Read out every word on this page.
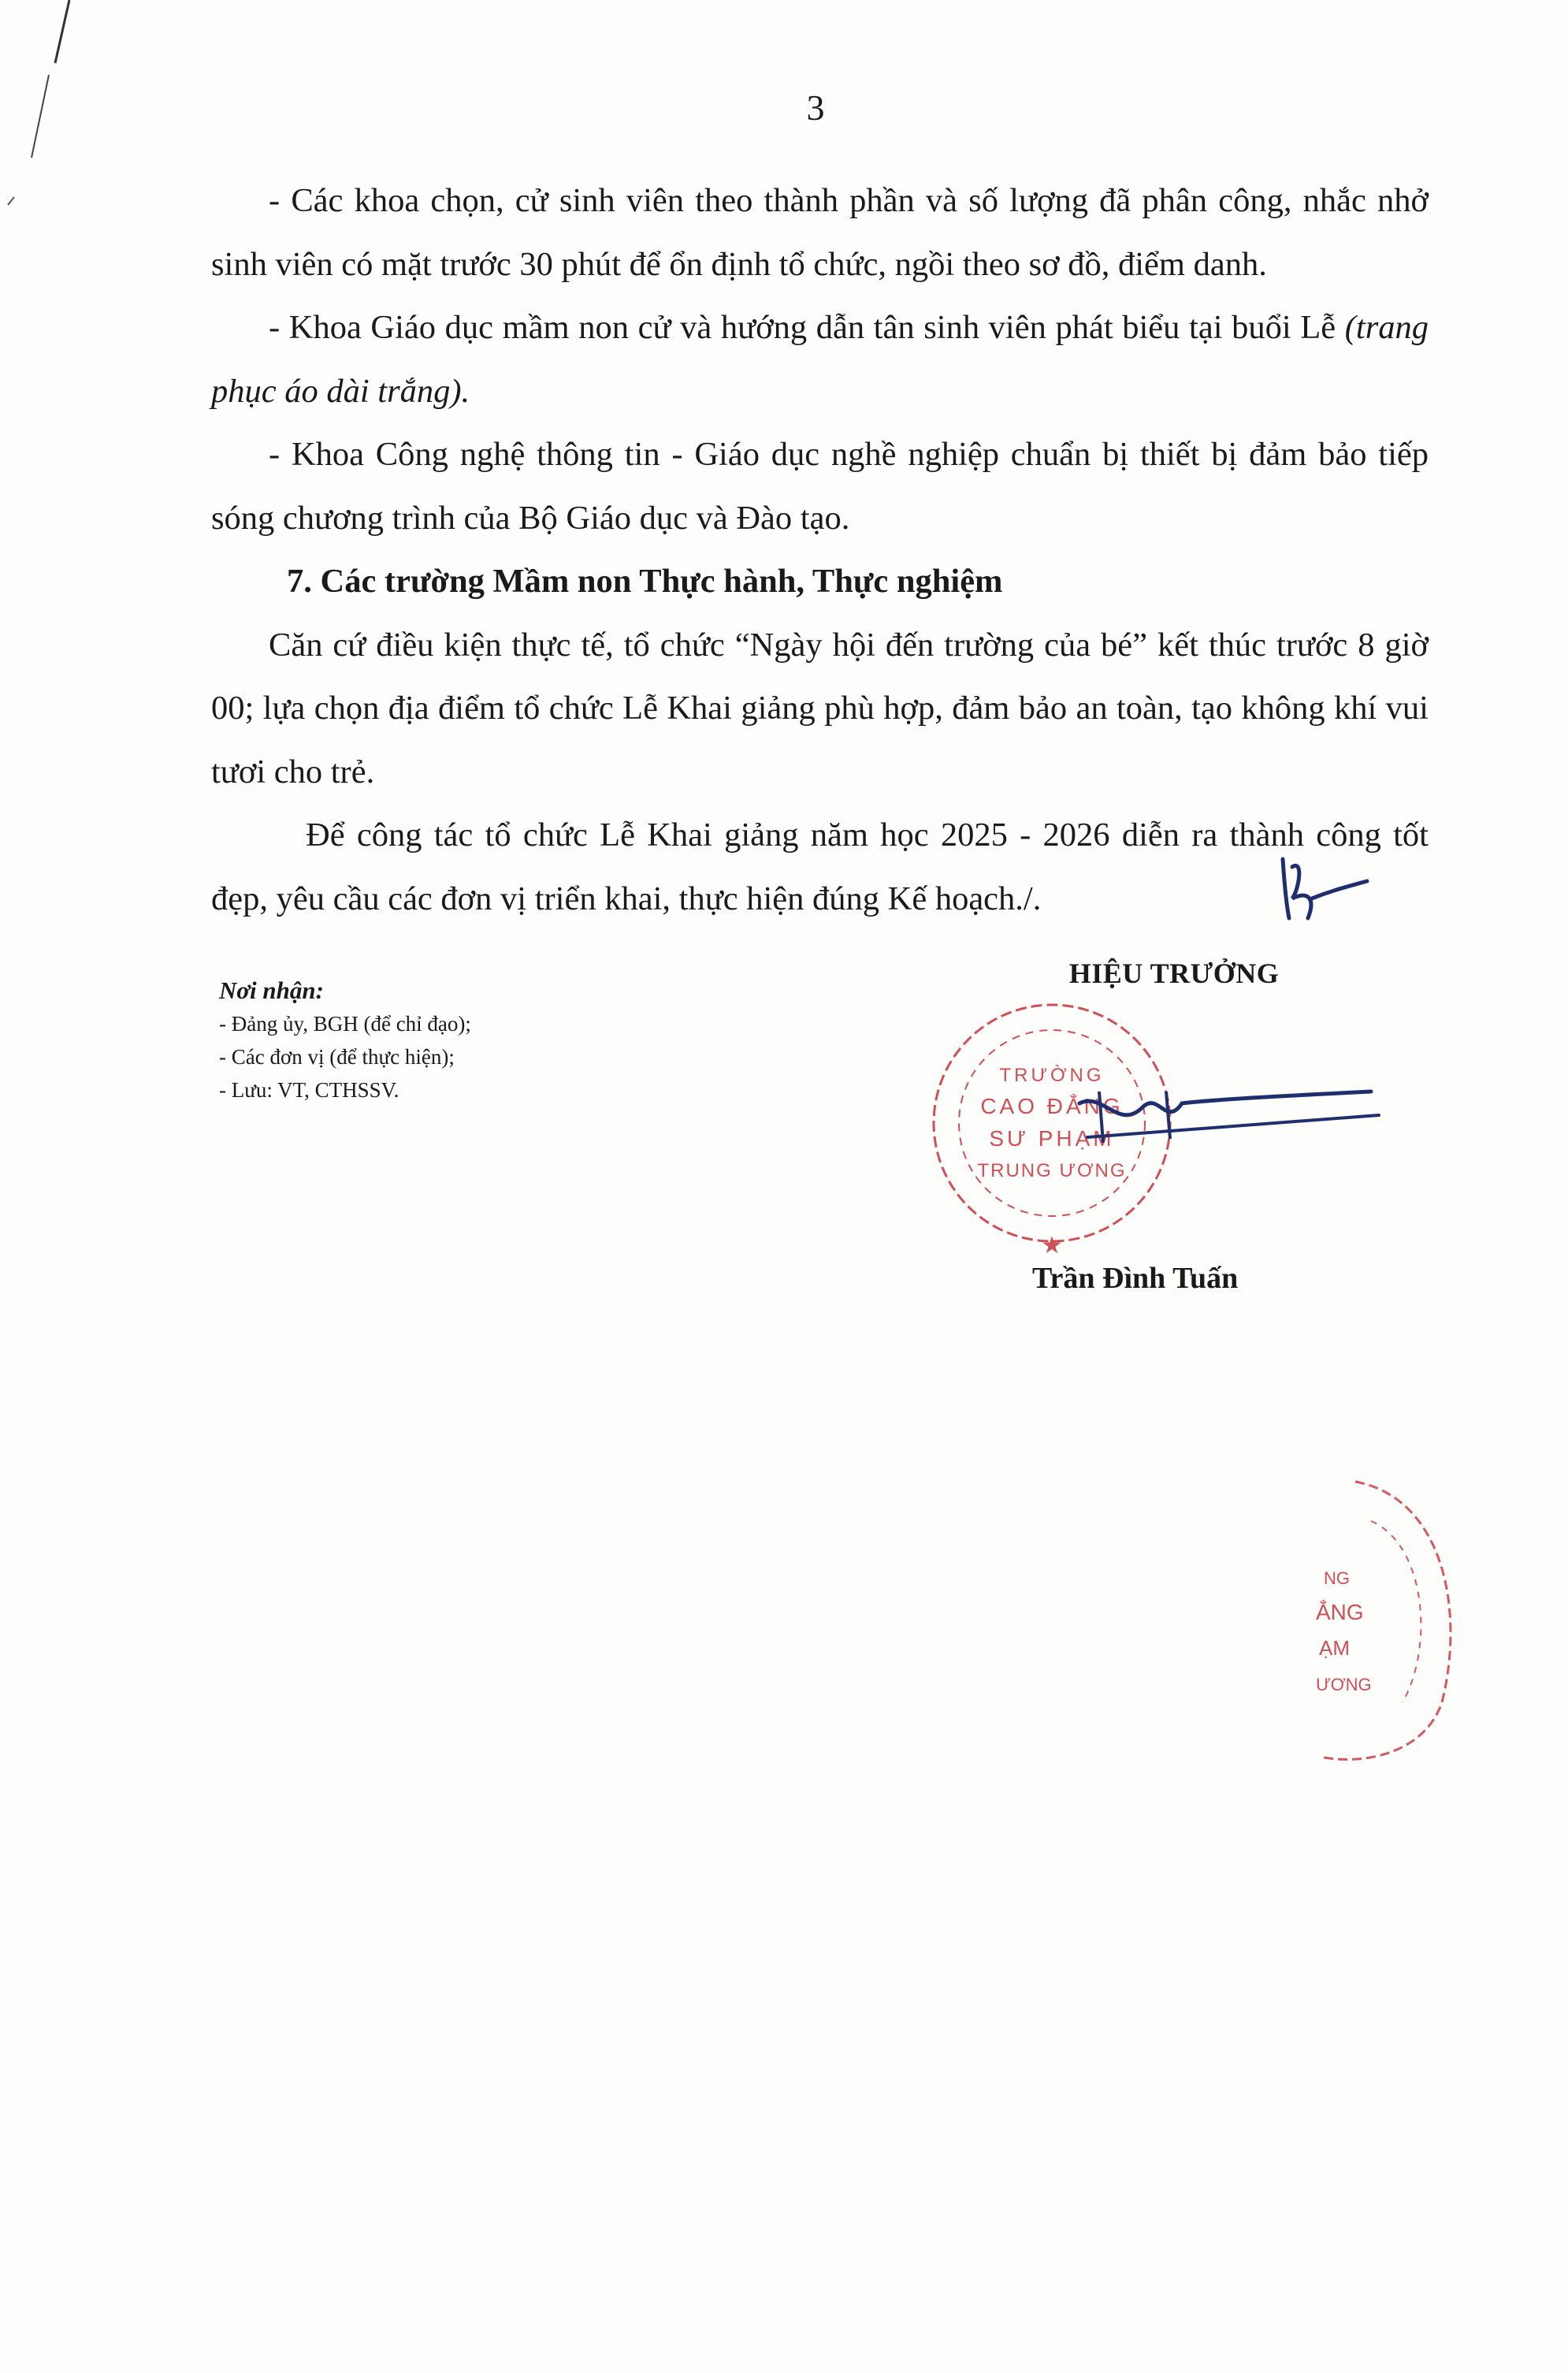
3

- Các khoa chọn, cử sinh viên theo thành phần và số lượng đã phân công, nhắc nhở sinh viên có mặt trước 30 phút để ổn định tổ chức, ngồi theo sơ đồ, điểm danh.

- Khoa Giáo dục mầm non cử và hướng dẫn tân sinh viên phát biểu tại buổi Lễ (trang phục áo dài trắng).

- Khoa Công nghệ thông tin - Giáo dục nghề nghiệp chuẩn bị thiết bị đảm bảo tiếp sóng chương trình của Bộ Giáo dục và Đào tạo.

7. Các trường Mầm non Thực hành, Thực nghiệm

Căn cứ điều kiện thực tế, tổ chức “Ngày hội đến trường của bé” kết thúc trước 8 giờ 00; lựa chọn địa điểm tổ chức Lễ Khai giảng phù hợp, đảm bảo an toàn, tạo không khí vui tươi cho trẻ.

Để công tác tổ chức Lễ Khai giảng năm học 2025 - 2026 diễn ra thành công tốt đẹp, yêu cầu các đơn vị triển khai, thực hiện đúng Kế hoạch./.

Nơi nhận:
- Đảng ủy, BGH (để chỉ đạo);
- Các đơn vị (để thực hiện);
- Lưu: VT, CTHSSV.
TRƯỜNG
CAO ĐẲNG
SƯ PHẠM
TRUNG ƯƠNG
★
HIỆU TRƯỞNG
Trần Đình Tuấn
NG
ẲNG
ẠM
ƯƠNG
